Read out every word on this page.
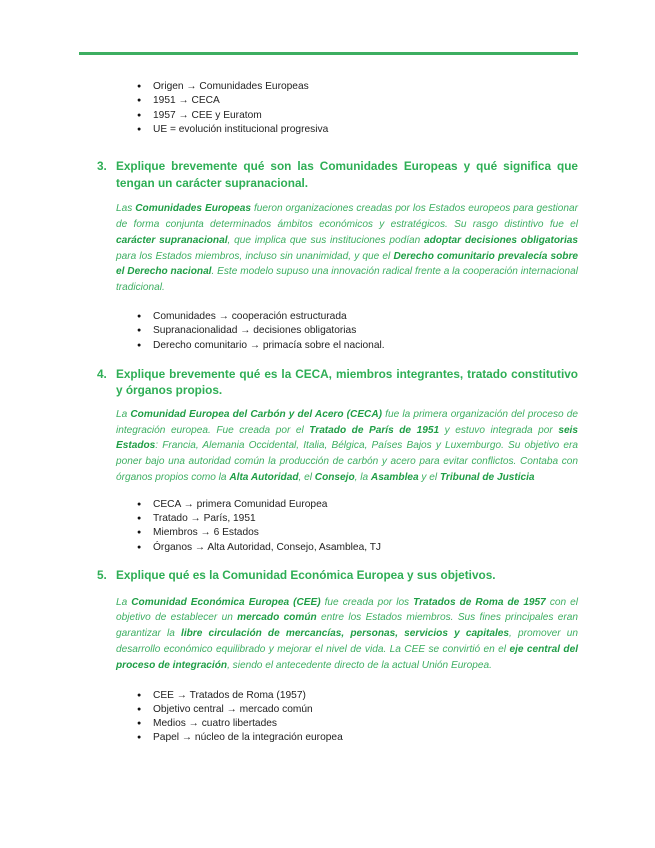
● Origen → Comunidades Europeas
● 1951 → CECA
● 1957 → CEE y Euratom
● UE = evolución institucional progresiva
3. Explique brevemente qué son las Comunidades Europeas y qué significa que tengan un carácter supranacional.

Las Comunidades Europeas fueron organizaciones creadas por los Estados europeos para gestionar de forma conjunta determinados ámbitos económicos y estratégicos. Su rasgo distintivo fue el carácter supranacional, que implica que sus instituciones podían adoptar decisiones obligatorias para los Estados miembros, incluso sin unanimidad, y que el Derecho comunitario prevalecía sobre el Derecho nacional. Este modelo supuso una innovación radical frente a la cooperación internacional tradicional.

● Comunidades → cooperación estructurada
● Supranacionalidad → decisiones obligatorias
● Derecho comunitario → primacía sobre el nacional.
4. Explique brevemente qué es la CECA, miembros integrantes, tratado constitutivo y órganos propios.

La Comunidad Europea del Carbón y del Acero (CECA) fue la primera organización del proceso de integración europea. Fue creada por el Tratado de París de 1951 y estuvo integrada por seis Estados: Francia, Alemania Occidental, Italia, Bélgica, Países Bajos y Luxemburgo. Su objetivo era poner bajo una autoridad común la producción de carbón y acero para evitar conflictos. Contaba con órganos propios como la Alta Autoridad, el Consejo, la Asamblea y el Tribunal de Justicia

● CECA → primera Comunidad Europea
● Tratado → París, 1951
● Miembros → 6 Estados
● Órganos → Alta Autoridad, Consejo, Asamblea, TJ
5. Explique qué es la Comunidad Económica Europea y sus objetivos.

La Comunidad Económica Europea (CEE) fue creada por los Tratados de Roma de 1957 con el objetivo de establecer un mercado común entre los Estados miembros. Sus fines principales eran garantizar la libre circulación de mercancías, personas, servicios y capitales, promover un desarrollo económico equilibrado y mejorar el nivel de vida. La CEE se convirtió en el eje central del proceso de integración, siendo el antecedente directo de la actual Unión Europea.

● CEE → Tratados de Roma (1957)
● Objetivo central → mercado común
● Medios → cuatro libertades
● Papel → núcleo de la integración europea
